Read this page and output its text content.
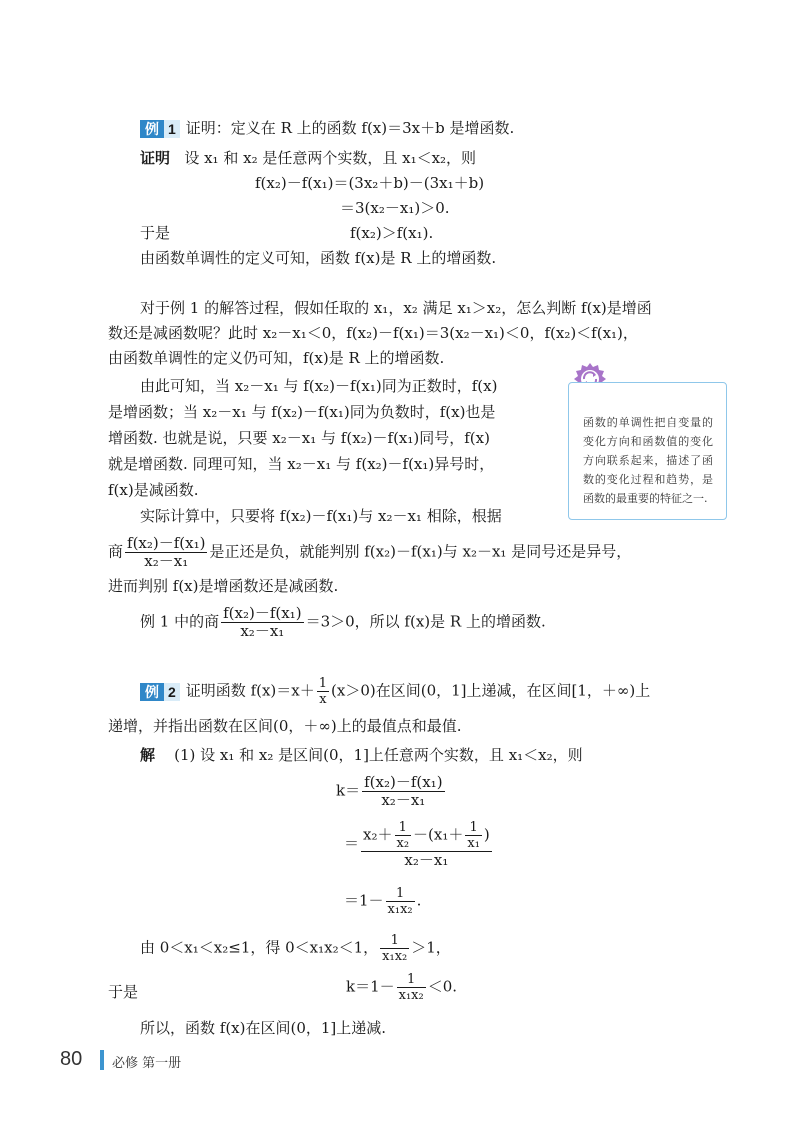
例 1 证明：定义在 R 上的函数 f(x)＝3x＋b 是增函数.
证明 设 x₁ 和 x₂ 是任意两个实数，且 x₁＜x₂，则
f(x₂)－f(x₁)＝(3x₂＋b)－(3x₁＋b)
＝3(x₂－x₁)＞0.
于是	f(x₂)＞f(x₁).
由函数单调性的定义可知，函数 f(x)是 R 上的增函数.
对于例 1 的解答过程，假如任取的 x₁，x₂ 满足 x₁＞x₂，怎么判断 f(x)是增函
数还是减函数呢？此时 x₂－x₁＜0，f(x₂)－f(x₁)＝3(x₂－x₁)＜0，f(x₂)＜f(x₁)，
由函数单调性的定义仍可知，f(x)是 R 上的增函数.
由此可知，当 x₂－x₁ 与 f(x₂)－f(x₁)同为正数时，f(x)
是增函数；当 x₂－x₁ 与 f(x₂)－f(x₁)同为负数时，f(x)也是
增函数. 也就是说，只要 x₂－x₁ 与 f(x₂)－f(x₁)同号，f(x)
就是增函数. 同理可知，当 x₂－x₁ 与 f(x₂)－f(x₁)异号时，
f(x)是减函数.
实际计算中，只要将 f(x₂)－f(x₁)与 x₂－x₁ 相除，根据
商 $\frac{\text{f(x₂)－f(x₁)}}{\text{x₂－x₁}}$ 是正还是负，就能判别 f(x₂)－f(x₁)与 x₂－x₁ 是同号还是异号，
进而判别 f(x)是增函数还是减函数.
例 1 中的商 $\frac{\text{f(x₂)－f(x₁)}}{\text{x₂－x₁}} =3>0$，所以 f(x)是 R 上的增函数.
函数的单调性把自变量的变化方向和函数值的变化方向联系起来，描述了函数的变化过程和趋势，是函数的最重要的特征之一.
例 2 证明函数 $f(x)=x+ \frac{1}{x} (x>0)$在区间(0，1]上递减，在区间[1，＋∞)上
递增，并指出函数在区间(0，＋∞)上的最值点和最值.
解 (1) 设 x₁ 和 x₂ 是区间(0，1]上任意两个实数，且 x₁＜x₂，则
$k= \frac{\text{f(x₂)－f(x₁)}}{\text{x₂－x₁}}$
＝ $\frac{x_2+ \frac{1}{\text{x₂}} -(x_1+ \frac{1}{\text{x₁}} )}{\text{x₂－x₁}}$
$=1- \frac{1}{\text{x₁x₂}}$ .
由 0＜x₁＜x₂≤1，得 0＜x₁x₂＜1， $\frac{1}{\text{x₁x₂}} >1$，
于是	$k=1- \frac{1}{\text{x₁x₂}} <0$.
所以，函数 f(x)在区间(0，1]上递减.
80 必修 第一册
